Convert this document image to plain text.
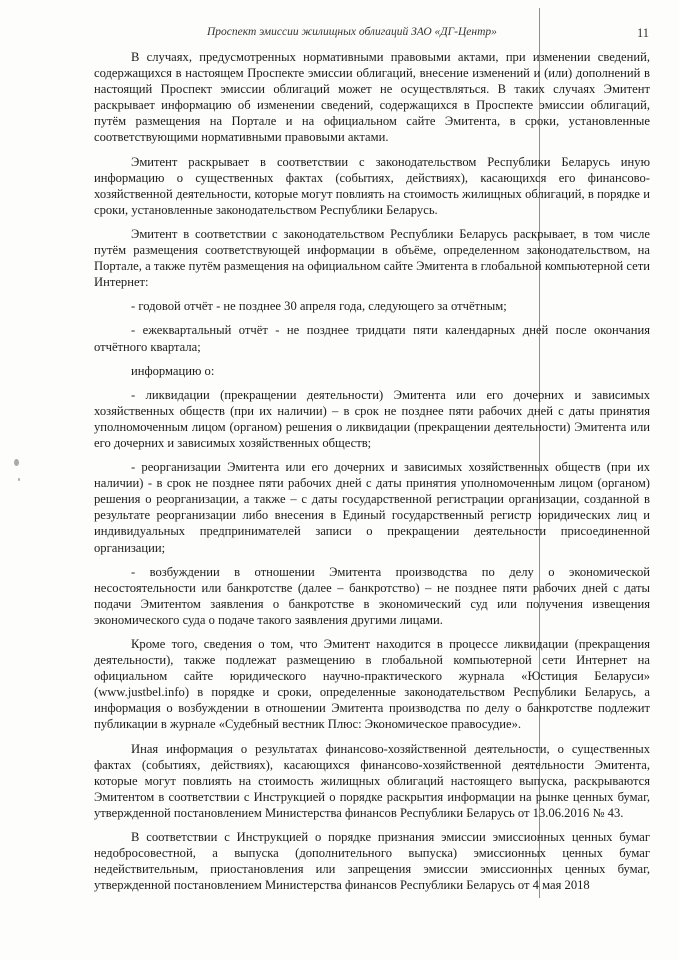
Проспект эмиссии жилищных облигаций ЗАО «ДГ-Центр»	11

В случаях, предусмотренных нормативными правовыми актами, при изменении сведений, содержащихся в настоящем Проспекте эмиссии облигаций, внесение изменений и (или) дополнений в настоящий Проспект эмиссии облигаций может не осуществляться. В таких случаях Эмитент раскрывает информацию об изменении сведений, содержащихся в Проспекте эмиссии облигаций, путём размещения на Портале и на официальном сайте Эмитента, в сроки, установленные соответствующими нормативными правовыми актами.

Эмитент раскрывает в соответствии с законодательством Республики Беларусь иную информацию о существенных фактах (событиях, действиях), касающихся его финансово-хозяйственной деятельности, которые могут повлиять на стоимость жилищных облигаций, в порядке и сроки, установленные законодательством Республики Беларусь.

Эмитент в соответствии с законодательством Республики Беларусь раскрывает, в том числе путём размещения соответствующей информации в объёме, определенном законодательством, на Портале, а также путём размещения на официальном сайте Эмитента в глобальной компьютерной сети Интернет:

- годовой отчёт - не позднее 30 апреля года, следующего за отчётным;

- ежеквартальный отчёт - не позднее тридцати пяти календарных дней после окончания отчётного квартала;

информацию о:

- ликвидации (прекращении деятельности) Эмитента или его дочерних и зависимых хозяйственных обществ (при их наличии) – в срок не позднее пяти рабочих дней с даты принятия уполномоченным лицом (органом) решения о ликвидации (прекращении деятельности) Эмитента или его дочерних и зависимых хозяйственных обществ;

- реорганизации Эмитента или его дочерних и зависимых хозяйственных обществ (при их наличии) - в срок не позднее пяти рабочих дней с даты принятия уполномоченным лицом (органом) решения о реорганизации, а также – с даты государственной регистрации организации, созданной в результате реорганизации либо внесения в Единый государственный регистр юридических лиц и индивидуальных предпринимателей записи о прекращении деятельности присоединенной организации;

- возбуждении в отношении Эмитента производства по делу о экономической несостоятельности или банкротстве (далее – банкротство) – не позднее пяти рабочих дней с даты подачи Эмитентом заявления о банкротстве в экономический суд или получения извещения экономического суда о подаче такого заявления другими лицами.

Кроме того, сведения о том, что Эмитент находится в процессе ликвидации (прекращения деятельности), также подлежат размещению в глобальной компьютерной сети Интернет на официальном сайте юридического научно-практического журнала «Юстиция Беларуси» (www.justbel.info) в порядке и сроки, определенные законодательством Республики Беларусь, а информация о возбуждении в отношении Эмитента производства по делу о банкротстве подлежит публикации в журнале «Судебный вестник Плюс: Экономическое правосудие».

Иная информация о результатах финансово-хозяйственной деятельности, о существенных фактах (событиях, действиях), касающихся финансово-хозяйственной деятельности Эмитента, которые могут повлиять на стоимость жилищных облигаций настоящего выпуска, раскрываются Эмитентом в соответствии с Инструкцией о порядке раскрытия информации на рынке ценных бумаг, утвержденной постановлением Министерства финансов Республики Беларусь от 13.06.2016 № 43.

В соответствии с Инструкцией о порядке признания эмиссии эмиссионных ценных бумаг недобросовестной, а выпуска (дополнительного выпуска) эмиссионных ценных бумаг недействительным, приостановления или запрещения эмиссии эмиссионных ценных бумаг, утвержденной постановлением Министерства финансов Республики Беларусь от 4 мая 2018
